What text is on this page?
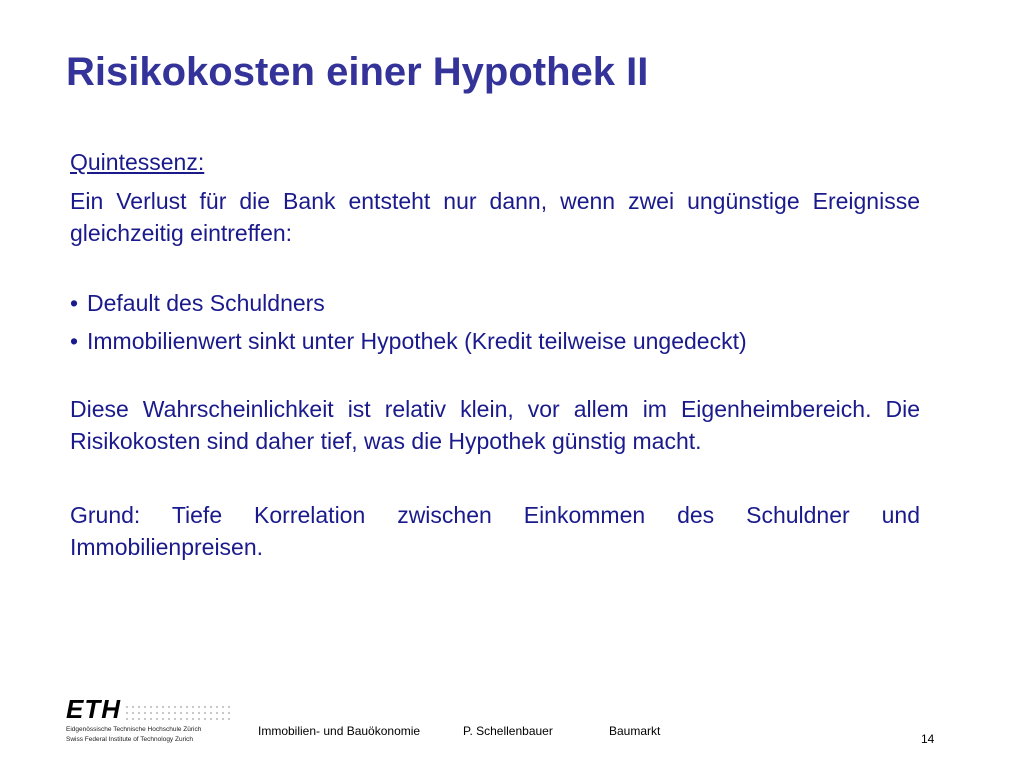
Risikokosten einer Hypothek II

Quintessenz:

Ein Verlust für die Bank entsteht nur dann, wenn zwei ungünstige Ereignisse gleichzeitig eintreffen:

• Default des Schuldners
• Immobilienwert sinkt unter Hypothek (Kredit teilweise ungedeckt)

Diese Wahrscheinlichkeit ist relativ klein, vor allem im Eigenheimbereich. Die Risikokosten sind daher tief, was die Hypothek günstig macht.

Grund: Tiefe Korrelation zwischen Einkommen des Schuldner und Immobilienpreisen.

ETH
Eidgenössische Technische Hochschule Zürich
Swiss Federal Institute of Technology Zurich
Immobilien- und Bauökonomie	P. Schellenbauer	Baumarkt
14
